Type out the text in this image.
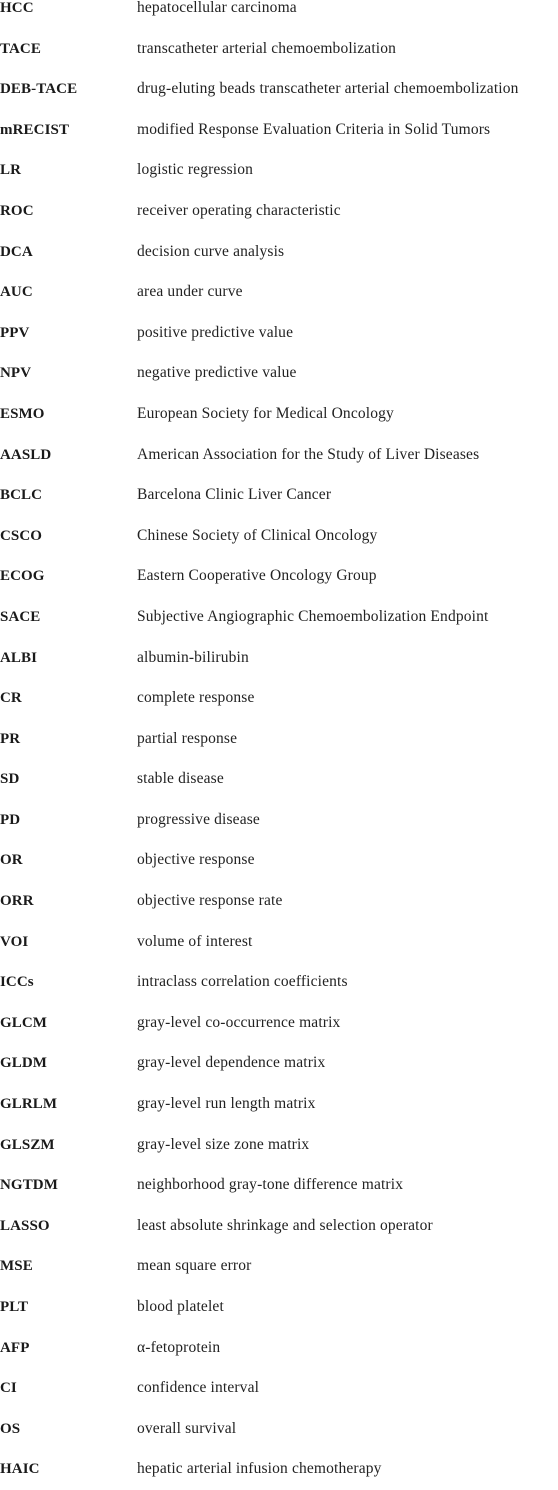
HCC	hepatocellular carcinoma
TACE	transcatheter arterial chemoembolization
DEB-TACE	drug-eluting beads transcatheter arterial chemoembolization
mRECIST	modified Response Evaluation Criteria in Solid Tumors
LR	logistic regression
ROC	receiver operating characteristic
DCA	decision curve analysis
AUC	area under curve
PPV	positive predictive value
NPV	negative predictive value
ESMO	European Society for Medical Oncology
AASLD	American Association for the Study of Liver Diseases
BCLC	Barcelona Clinic Liver Cancer
CSCO	Chinese Society of Clinical Oncology
ECOG	Eastern Cooperative Oncology Group
SACE	Subjective Angiographic Chemoembolization Endpoint
ALBI	albumin-bilirubin
CR	complete response
PR	partial response
SD	stable disease
PD	progressive disease
OR	objective response
ORR	objective response rate
VOI	volume of interest
ICCs	intraclass correlation coefficients
GLCM	gray-level co-occurrence matrix
GLDM	gray-level dependence matrix
GLRLM	gray-level run length matrix
GLSZM	gray-level size zone matrix
NGTDM	neighborhood gray-tone difference matrix
LASSO	least absolute shrinkage and selection operator
MSE	mean square error
PLT	blood platelet
AFP	α-fetoprotein
CI	confidence interval
OS	overall survival
HAIC	hepatic arterial infusion chemotherapy
